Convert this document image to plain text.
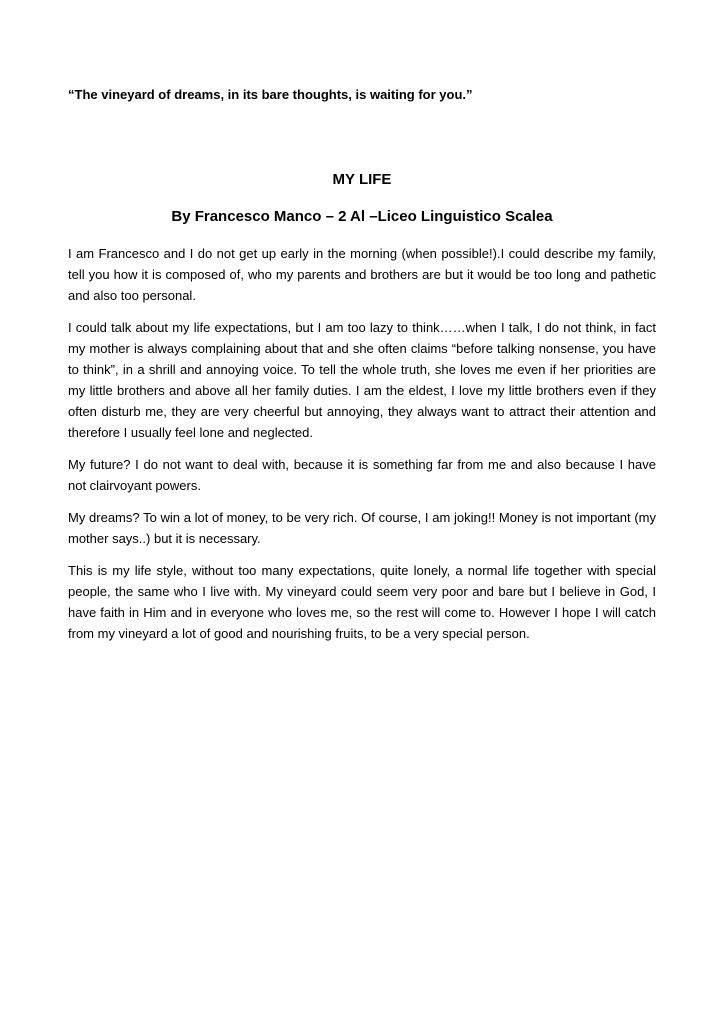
“The vineyard of dreams, in its bare thoughts, is waiting for you.”

MY LIFE
By Francesco Manco – 2 Al –Liceo Linguistico Scalea

I am Francesco and I do not get up early in the morning (when possible!).I could describe my family, tell you how it is composed of, who my parents and brothers are but it would be too long and pathetic and also too personal.

I could talk about my life expectations, but I am too lazy to think……when I talk, I do not think, in fact my mother is always complaining about that and she often claims “before talking nonsense, you have to think”, in a shrill and annoying voice. To tell the whole truth, she loves me even if her priorities are my little brothers and above all her family duties. I am the eldest, I love my little brothers even if they often disturb me, they are very cheerful but annoying, they always want to attract their attention and therefore I usually feel lone and neglected.

My future? I do not want to deal with, because it is something far from me and also because I have not clairvoyant powers.

My dreams? To win a lot of money, to be very rich. Of course, I am joking!! Money is not important (my mother says..) but it is necessary.

This is my life style, without too many expectations, quite lonely, a normal life together with special people, the same who I live with. My vineyard could seem very poor and bare but I believe in God, I have faith in Him and in everyone who loves me, so the rest will come to. However I hope I will catch from my vineyard a lot of good and nourishing fruits, to be a very special person.
